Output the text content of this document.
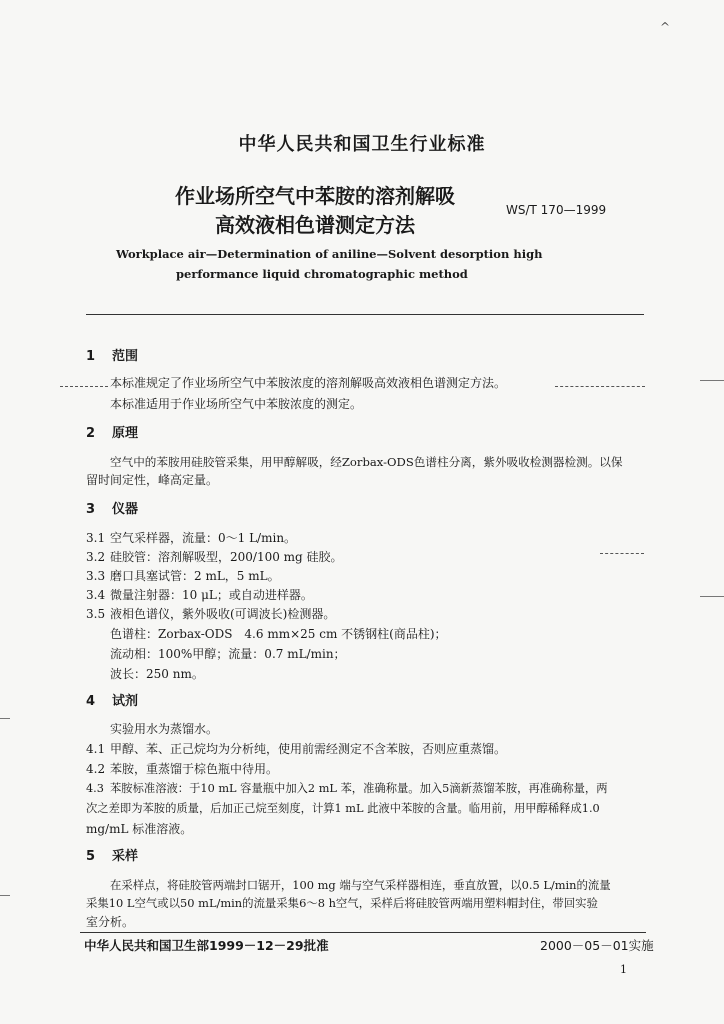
^
中华人民共和国卫生行业标准
作业场所空气中苯胺的溶剂解吸
高效液相色谱测定方法
WS/T 170—1999
Workplace air—Determination of aniline—Solvent desorption high
performance liquid chromatographic method
1 范围
本标准规定了作业场所空气中苯胺浓度的溶剂解吸高效液相色谱测定方法。
本标准适用于作业场所空气中苯胺浓度的测定。
2 原理
空气中的苯胺用硅胶管采集，用甲醇解吸，经Zorbax-ODS色谱柱分离，紫外吸收检测器检测。以保
留时间定性，峰高定量。
3 仪器
3.1 空气采样器，流量：0～1 L/min。
3.2 硅胶管：溶剂解吸型，200/100 mg 硅胶。
3.3 磨口具塞试管：2 mL，5 mL。
3.4 微量注射器：10 μL；或自动进样器。
3.5 液相色谱仪，紫外吸收(可调波长)检测器。
色谱柱：Zorbax-ODS　4.6 mm×25 cm 不锈钢柱(商品柱)；
流动相：100%甲醇；流量：0.7 mL/min；
波长：250 nm。
4 试剂
实验用水为蒸馏水。
4.1 甲醇、苯、正己烷均为分析纯，使用前需经测定不含苯胺，否则应重蒸馏。
4.2 苯胺，重蒸馏于棕色瓶中待用。
4.3 苯胺标准溶液：于10 mL 容量瓶中加入2 mL 苯，准确称量。加入5滴新蒸馏苯胺，再准确称量，两
次之差即为苯胺的质量，后加正己烷至刻度，计算1 mL 此液中苯胺的含量。临用前，用甲醇稀释成1.0
mg/mL 标准溶液。
5 采样
在采样点，将硅胶管两端封口锯开，100 mg 端与空气采样器相连，垂直放置，以0.5 L/min的流量
采集10 L空气或以50 mL/min的流量采集6～8 h空气，采样后将硅胶管两端用塑料帽封住，带回实验
室分析。
中华人民共和国卫生部1999－12－29批准	2000－05－01实施
1
